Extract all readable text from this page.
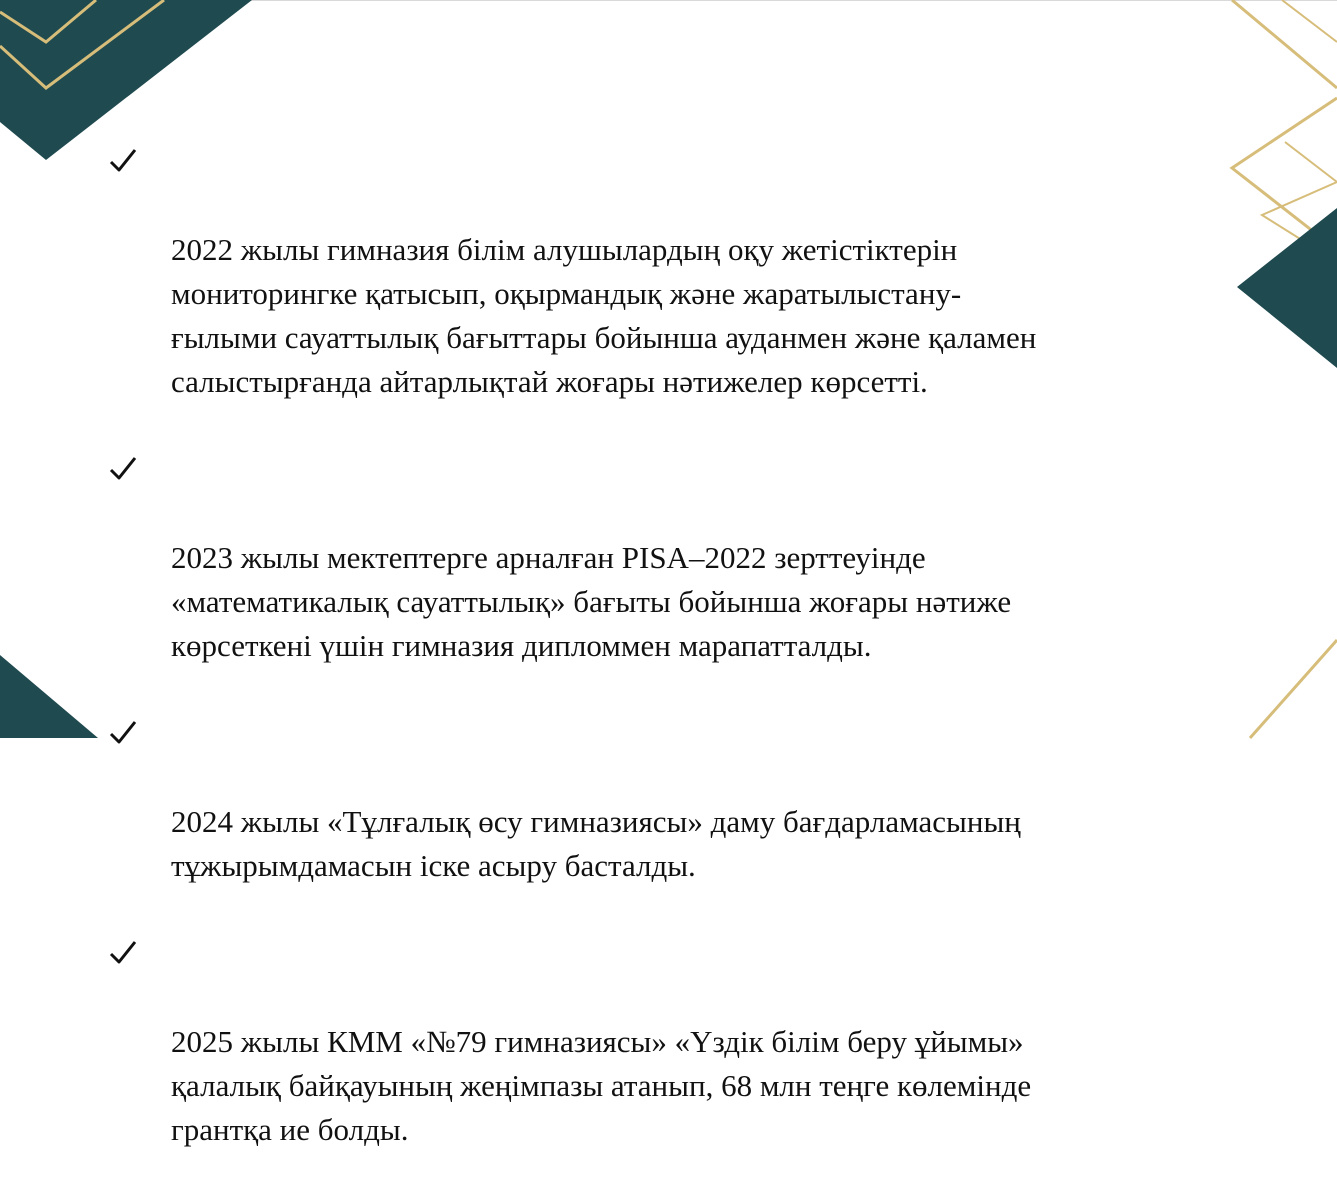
2022 жылы гимназия білім алушылардың оқу жетістіктерін
мониторингке қатысып, оқырмандық және жаратылыстану-
ғылыми сауаттылық бағыттары бойынша ауданмен және қаламен
салыстырғанда айтарлықтай жоғары нәтижелер көрсетті.

2023 жылы мектептерге арналған PISA–2022 зерттеуінде
«математикалық сауаттылық» бағыты бойынша жоғары нәтиже
көрсеткені үшін гимназия дипломмен марапатталды.

2024 жылы «Тұлғалық өсу гимназиясы» даму бағдарламасының
тұжырымдамасын іске асыру басталды.

2025 жылы КММ «№79 гимназиясы» «Үздік білім беру ұйымы»
қалалық байқауының жеңімпазы атанып, 68 млн теңге көлемінде
грантқа ие болды.
